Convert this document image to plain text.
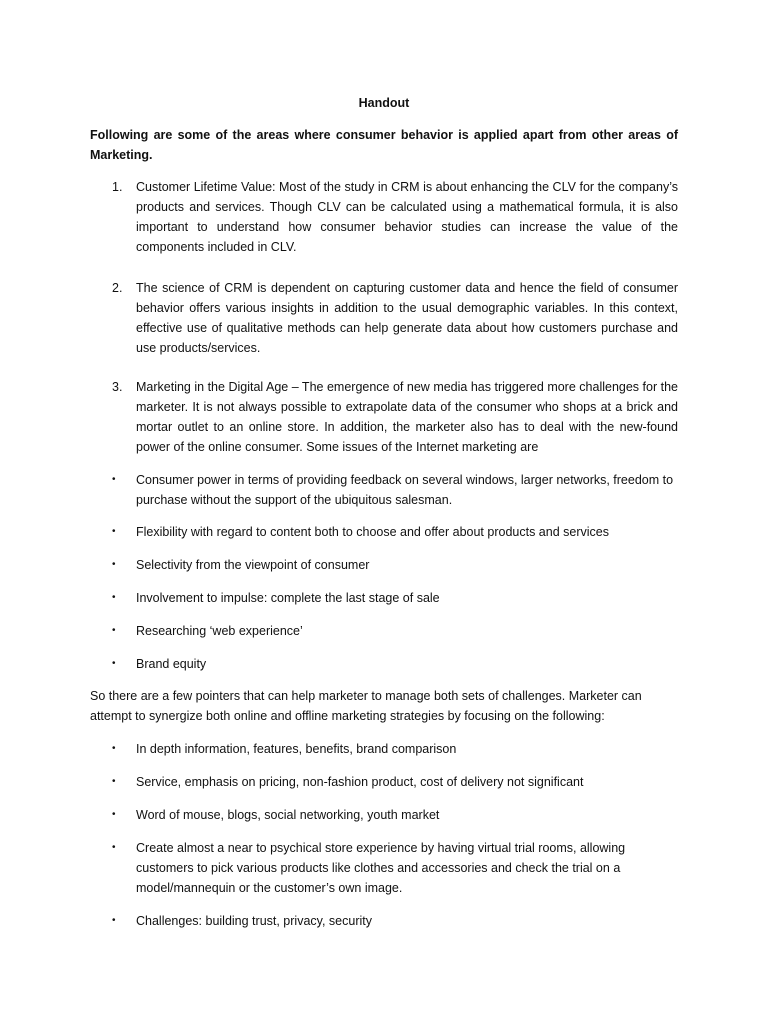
Handout
Following are some of the areas where consumer behavior is applied apart from other areas of Marketing.
1.	Customer Lifetime Value: Most of the study in CRM is about enhancing the CLV for the company’s products and services. Though CLV can be calculated using a mathematical formula, it is also important to understand how consumer behavior studies can increase the value of the components included in CLV.
2.	The science of CRM is dependent on capturing customer data and hence the field of consumer behavior offers various insights in addition to the usual demographic variables. In this context, effective use of qualitative methods can help generate data about how customers purchase and use products/services.
3.	Marketing in the Digital Age – The emergence of new media has triggered more challenges for the marketer. It is not always possible to extrapolate data of the consumer who shops at a brick and mortar outlet to an online store. In addition, the marketer also has to deal with the new-found power of the online consumer. Some issues of the Internet marketing are
•	Consumer power in terms of providing feedback on several windows, larger networks, freedom to purchase without the support of the ubiquitous salesman.
•	Flexibility with regard to content both to choose and offer about products and services
•	Selectivity from the viewpoint of consumer
•	Involvement to impulse: complete the last stage of sale
•	Researching ‘web experience’
•	Brand equity
So there are a few pointers that can help marketer to manage both sets of challenges. Marketer can attempt to synergize both online and offline marketing strategies by focusing on the following:
•	In depth information, features, benefits, brand comparison
•	Service, emphasis on pricing, non-fashion product, cost of delivery not significant
•	Word of mouse, blogs, social networking, youth market
•	Create almost a near to psychical store experience by having virtual trial rooms, allowing customers to pick various products like clothes and accessories and check the trial on a model/mannequin or the customer’s own image.
•	Challenges: building trust, privacy, security
